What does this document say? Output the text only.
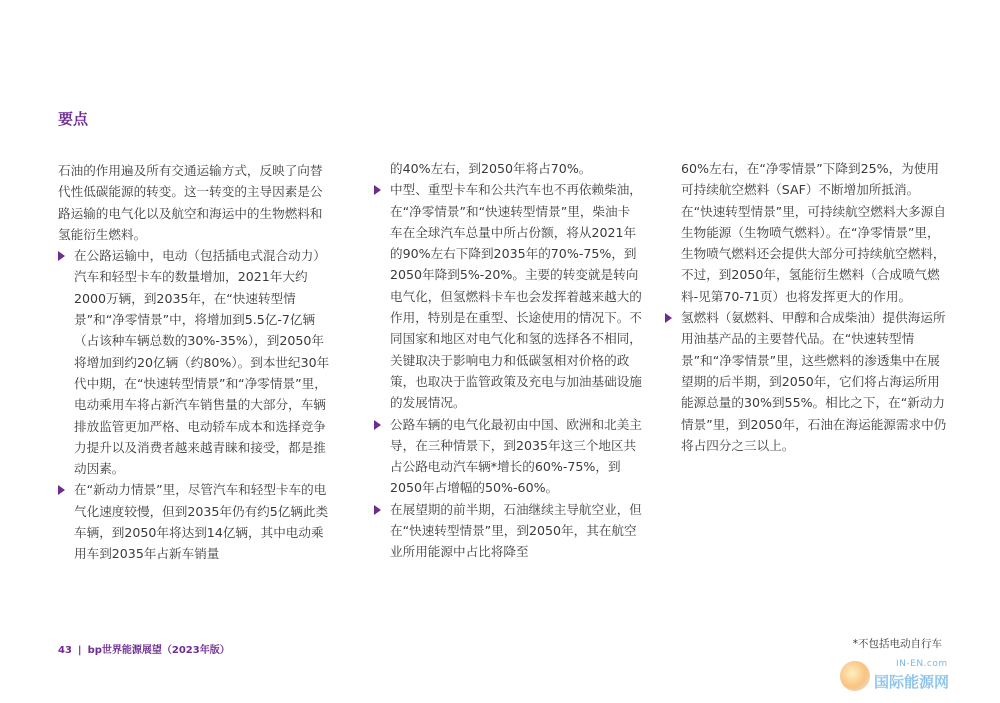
要点

石油的作用遍及所有交通运输方式，反映了向替代性低碳能源的转变。这一转变的主导因素是公路运输的电气化以及航空和海运中的生物燃料和氢能衍生燃料。

在公路运输中，电动（包括插电式混合动力）汽车和轻型卡车的数量增加，2021年大约2000万辆，到2035年，在“快速转型情景”和“净零情景”中，将增加到5.5亿-7亿辆（占该种车辆总数的30%-35%），到2050年将增加到约20亿辆（约80%）。到本世纪30年代中期，在“快速转型情景”和“净零情景”里，电动乘用车将占新汽车销售量的大部分，车辆排放监管更加严格、电动轿车成本和选择竞争力提升以及消费者越来越青睐和接受，都是推动因素。

在“新动力情景”里，尽管汽车和轻型卡车的电气化速度较慢，但到2035年仍有约5亿辆此类车辆，到2050年将达到14亿辆，其中电动乘用车到2035年占新车销量

的40%左右，到2050年将占70%。

中型、重型卡车和公共汽车也不再依赖柴油，在“净零情景”和“快速转型情景”里，柴油卡车在全球汽车总量中所占份额，将从2021年的90%左右下降到2035年的70%-75%，到2050年降到5%-20%。主要的转变就是转向电气化，但氢燃料卡车也会发挥着越来越大的作用，特别是在重型、长途使用的情况下。不同国家和地区对电气化和氢的选择各不相同，关键取决于影响电力和低碳氢相对价格的政策，也取决于监管政策及充电与加油基础设施的发展情况。

公路车辆的电气化最初由中国、欧洲和北美主导，在三种情景下，到2035年这三个地区共占公路电动汽车辆*增长的60%-75%，到2050年占增幅的50%-60%。

在展望期的前半期，石油继续主导航空业，但在“快速转型情景”里，到2050年，其在航空业所用能源中占比将降至

60%左右，在“净零情景”下降到25%，为使用可持续航空燃料（SAF）不断增加所抵消。在“快速转型情景”里，可持续航空燃料大多源自生物能源（生物喷气燃料）。在“净零情景”里，生物喷气燃料还会提供大部分可持续航空燃料，不过，到2050年，氢能衍生燃料（合成喷气燃料-见第70-71页）也将发挥更大的作用。

氢燃料（氨燃料、甲醇和合成柴油）提供海运所用油基产品的主要替代品。在“快速转型情景”和“净零情景”里，这些燃料的渗透集中在展望期的后半期，到2050年，它们将占海运所用能源总量的30%到55%。相比之下，在“新动力情景”里，到2050年，石油在海运能源需求中仍将占四分之三以上。

43 | bp世界能源展望（2023年版）
*不包括电动自行车
IN-EN.com
国际能源网
